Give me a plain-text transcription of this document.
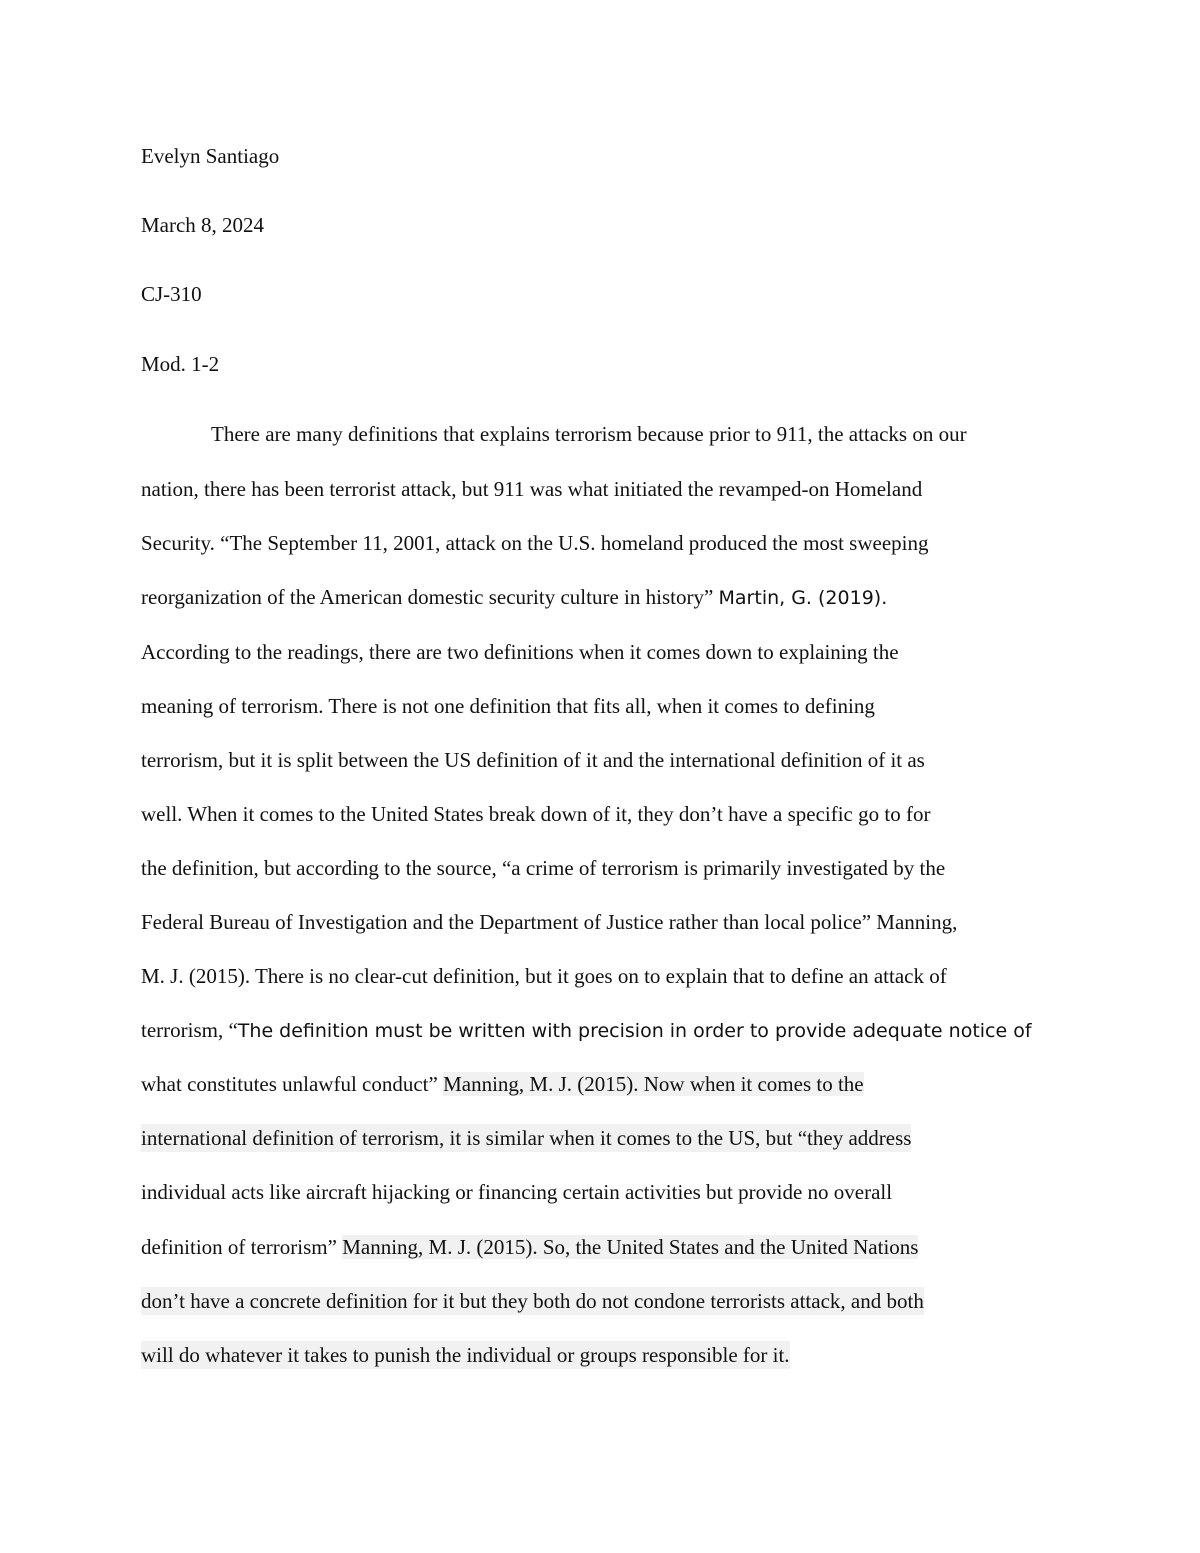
Evelyn Santiago
March 8, 2024
CJ-310
Mod. 1-2
There are many definitions that explains terrorism because prior to 911, the attacks on our
nation, there has been terrorist attack, but 911 was what initiated the revamped-on Homeland
Security. “The September 11, 2001, attack on the U.S. homeland produced the most sweeping
reorganization of the American domestic security culture in history” Martin, G. (2019).
According to the readings, there are two definitions when it comes down to explaining the
meaning of terrorism. There is not one definition that fits all, when it comes to defining
terrorism, but it is split between the US definition of it and the international definition of it as
well. When it comes to the United States break down of it, they don’t have a specific go to for
the definition, but according to the source, “a crime of terrorism is primarily investigated by the
Federal Bureau of Investigation and the Department of Justice rather than local police” Manning,
M. J. (2015). There is no clear-cut definition, but it goes on to explain that to define an attack of
terrorism, “The definition must be written with precision in order to provide adequate notice of
what constitutes unlawful conduct” Manning, M. J. (2015). Now when it comes to the
international definition of terrorism, it is similar when it comes to the US, but “they address
individual acts like aircraft hijacking or financing certain activities but provide no overall
definition of terrorism” Manning, M. J. (2015). So, the United States and the United Nations
don’t have a concrete definition for it but they both do not condone terrorists attack, and both
will do whatever it takes to punish the individual or groups responsible for it.
